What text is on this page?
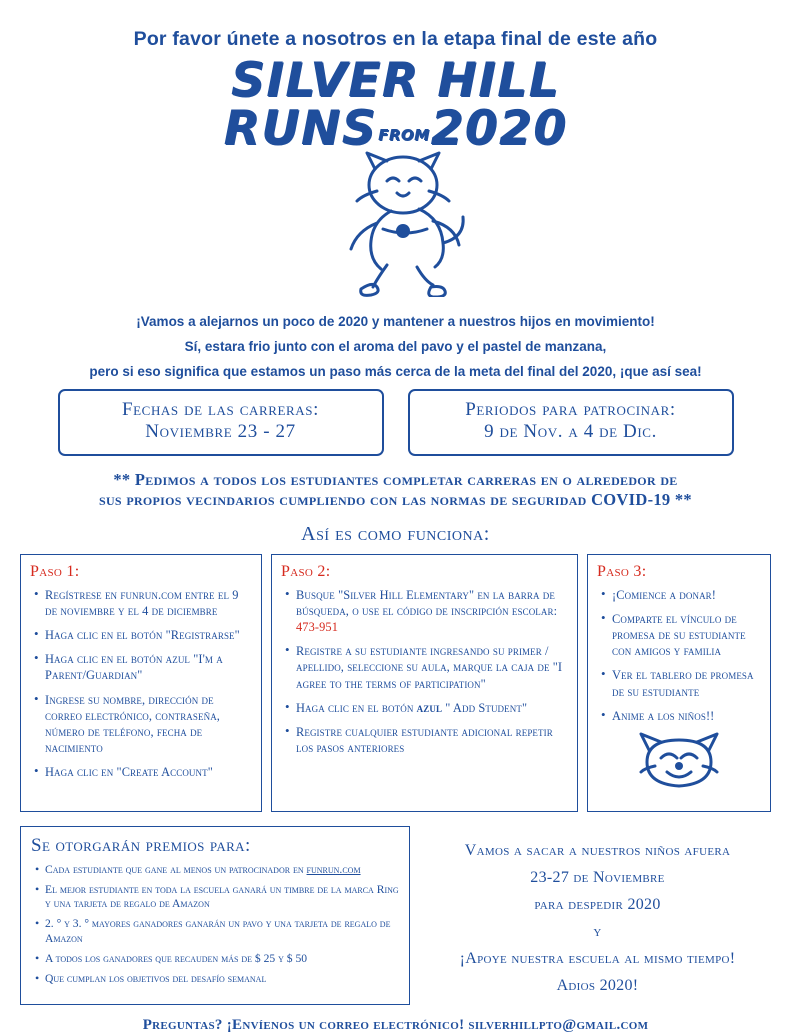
Por favor únete a nosotros en la etapa final de este año
SILVER HILL
RUNSFROM2020

¡Vamos a alejarnos un poco de 2020 y mantener a nuestros hijos en movimiento!

Sí, estara frio junto con el aroma del pavo y el pastel de manzana,

pero si eso significa que estamos un paso más cerca de la meta del final del 2020, ¡que así sea!

Fechas de las carreras:
Noviembre 23 - 27
Periodos para patrocinar:
9 de Nov. a 4 de Dic.
** Pedimos a todos los estudiantes completar carreras en o alrededor de
sus propios vecindarios cumpliendo con las normas de seguridad COVID-19 **
Así es como funciona:
Paso 1:
• Regístrese en funrun.com entre el 9 de noviembre y el 4 de diciembre
• Haga clic en el botón "Registrarse"
• Haga clic en el botón azul "I'm a Parent/Guardian"
• Ingrese su nombre, dirección de correo electrónico, contraseña, número de teléfono, fecha de nacimiento
• Haga clic en "Create Account"
Paso 2:
• Busque "Silver Hill Elementary" en la barra de búsqueda, o use el código de inscripción escolar: 473-951
• Registre a su estudiante ingresando su primer / apellido, seleccione su aula, marque la caja de "I agree to the terms of participation"
• Haga clic en el botón azul " Add Student"
• Registre cualquier estudiante adicional repetir los pasos anteriores
Paso 3:
• ¡Comience a donar!
• Comparte el vínculo de promesa de su estudiante con amigos y familia
• Ver el tablero de promesa de su estudiante
• Anime a los niños!!
Se otorgarán premios para:
• Cada estudiante que gane al menos un patrocinador en funrun.com
• El mejor estudiante en toda la escuela ganará un timbre de la marca Ring y una tarjeta de regalo de Amazon
• 2. ° y 3. ° mayores ganadores ganarán un pavo y una tarjeta de regalo de Amazon
• A todos los ganadores que recauden más de $ 25 y $ 50
• Que cumplan los objetivos del desafío semanal

Vamos a sacar a nuestros niños afuera

23-27 de Noviembre

para despedir 2020

y

¡Apoye nuestra escuela al mismo tiempo!

Adios 2020!

Preguntas? ¡Envíenos un correo electrónico! silverhillpto@gmail.com
